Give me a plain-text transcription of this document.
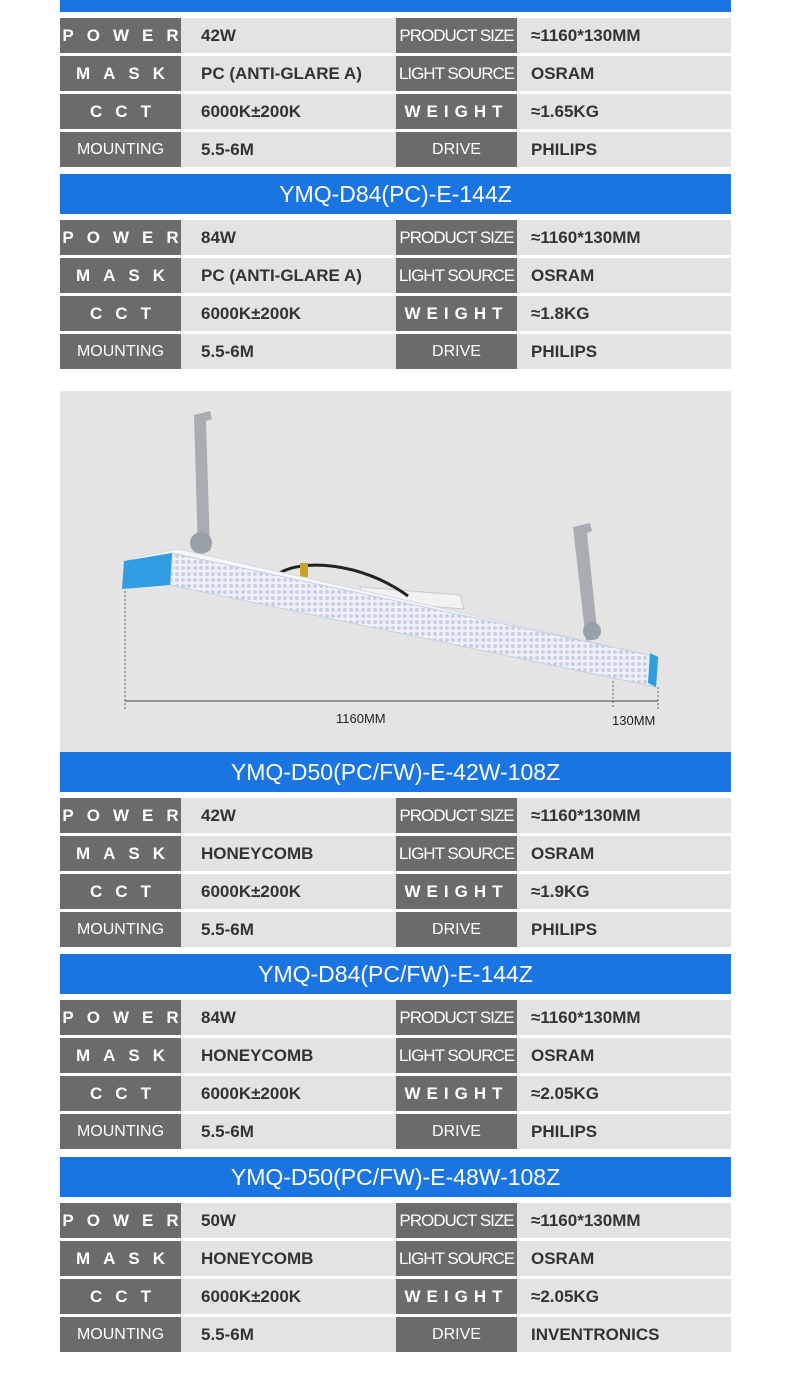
POWER 42W	PRODUCT SIZE	≈1160*130MM
MASK	PC (ANTI-GLARE A)	LIGHT SOURCE OSRAM
CCT	6000K±200K	WEIGHT	≈1.65KG
MOUNTING	5.5-6M	DRIVE	PHILIPS
YMQ-D84(PC)-E-144Z
POWER 84W	PRODUCT SIZE	≈1160*130MM
MASK	PC (ANTI-GLARE A)	LIGHT SOURCE OSRAM
CCT	6000K±200K	WEIGHT	≈1.8KG
MOUNTING	5.5-6M	DRIVE	PHILIPS
1160MM	130MM
YMQ-D50(PC/FW)-E-42W-108Z
POWER 42W	PRODUCT SIZE	≈1160*130MM
MASK	HONEYCOMB	LIGHT SOURCE OSRAM
CCT	6000K±200K	WEIGHT	≈1.9KG
MOUNTING	5.5-6M	DRIVE	PHILIPS
YMQ-D84(PC/FW)-E-144Z
POWER 84W	PRODUCT SIZE	≈1160*130MM
MASK	HONEYCOMB	LIGHT SOURCE OSRAM
CCT	6000K±200K	WEIGHT	≈2.05KG
MOUNTING	5.5-6M	DRIVE	PHILIPS
YMQ-D50(PC/FW)-E-48W-108Z
POWER 50W	PRODUCT SIZE	≈1160*130MM
MASK	HONEYCOMB	LIGHT SOURCE OSRAM
CCT	6000K±200K	WEIGHT	≈2.05KG
MOUNTING	5.5-6M	DRIVE	INVENTRONICS
